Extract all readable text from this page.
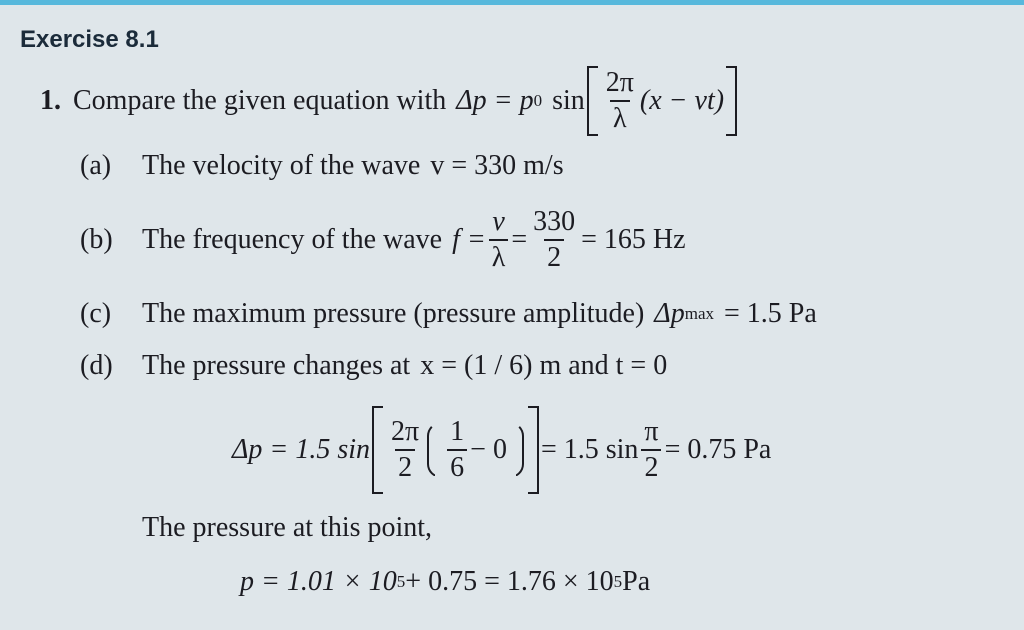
Exercise 8.1
1. Compare the given equation with Δp = p 0 $\sin \frac{2\pi}{\lambda} (x - vt)$
(a)	The velocity of the wave v = 330 m/s
(b)	The frequency of the wave $f = \frac{v}{\lambda} = \frac{330}{2} = 165$ Hz
(c)	The maximum pressure (pressure amplitude) Δp max = 1.5 Pa
(d)	The pressure changes at x = (1 / 6) m and t = 0
Δp = 1.5 $\sin \frac{2\pi}{2} \frac{1}{6} - 0 = 1.5$ $\sin \frac{\pi}{2} = 0.75$ Pa
The pressure at this point,
p = 1.01 × 10 5 + 0.75 = 1.76 × 10 5 Pa
